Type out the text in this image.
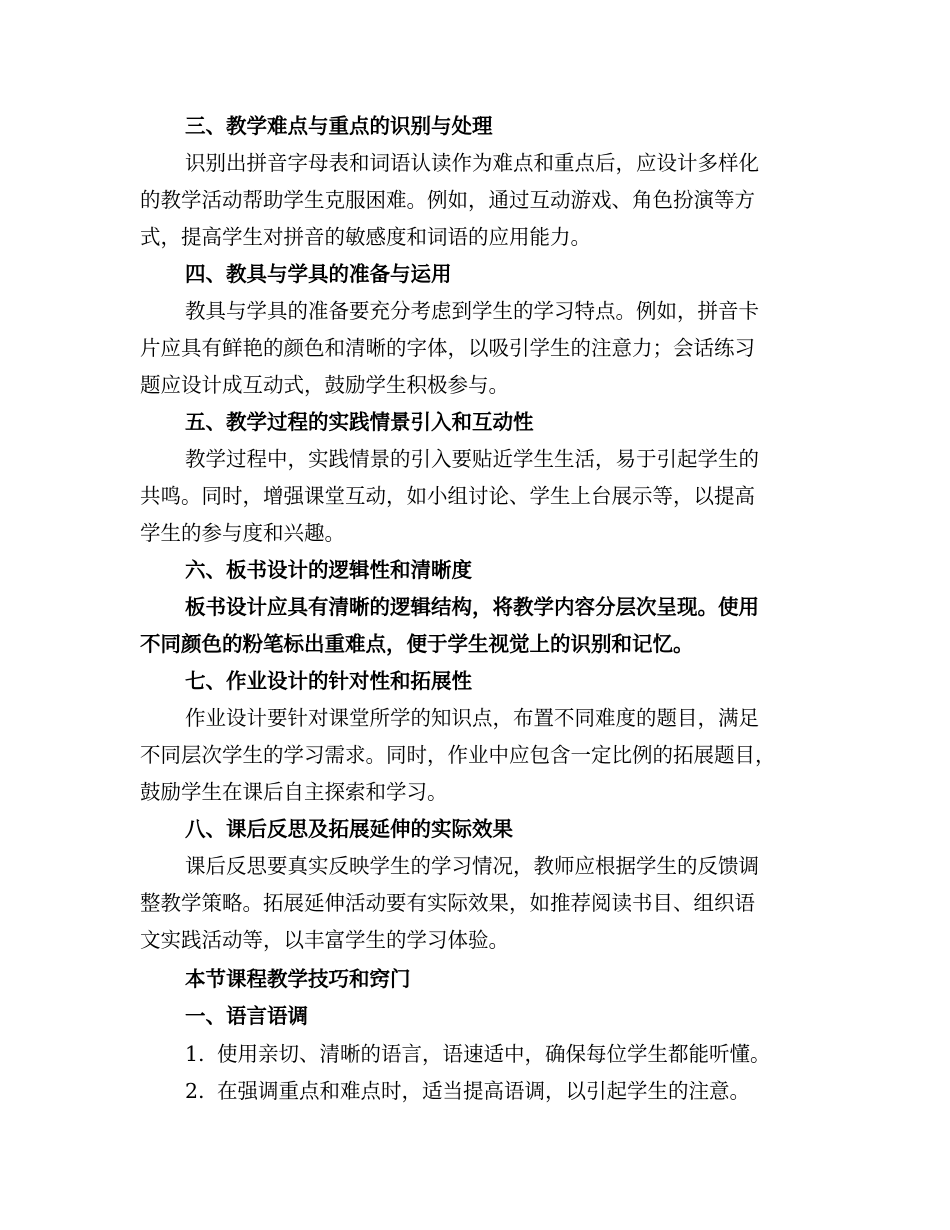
三、教学难点与重点的识别与处理
识别出拼音字母表和词语认读作为难点和重点后，应设计多样化
的教学活动帮助学生克服困难。例如，通过互动游戏、角色扮演等方
式，提高学生对拼音的敏感度和词语的应用能力。
四、教具与学具的准备与运用
教具与学具的准备要充分考虑到学生的学习特点。例如，拼音卡
片应具有鲜艳的颜色和清晰的字体，以吸引学生的注意力；会话练习
题应设计成互动式，鼓励学生积极参与。
五、教学过程的实践情景引入和互动性
教学过程中，实践情景的引入要贴近学生生活，易于引起学生的
共鸣。同时，增强课堂互动，如小组讨论、学生上台展示等，以提高
学生的参与度和兴趣。
六、板书设计的逻辑性和清晰度
板书设计应具有清晰的逻辑结构，将教学内容分层次呈现。使用
不同颜色的粉笔标出重难点，便于学生视觉上的识别和记忆。
七、作业设计的针对性和拓展性
作业设计要针对课堂所学的知识点，布置不同难度的题目，满足
不同层次学生的学习需求。同时，作业中应包含一定比例的拓展题目，
鼓励学生在课后自主探索和学习。
八、课后反思及拓展延伸的实际效果
课后反思要真实反映学生的学习情况，教师应根据学生的反馈调
整教学策略。拓展延伸活动要有实际效果，如推荐阅读书目、组织语
文实践活动等，以丰富学生的学习体验。
本节课程教学技巧和窍门
一、语言语调
1. 使用亲切、清晰的语言，语速适中，确保每位学生都能听懂。
2. 在强调重点和难点时，适当提高语调，以引起学生的注意。
